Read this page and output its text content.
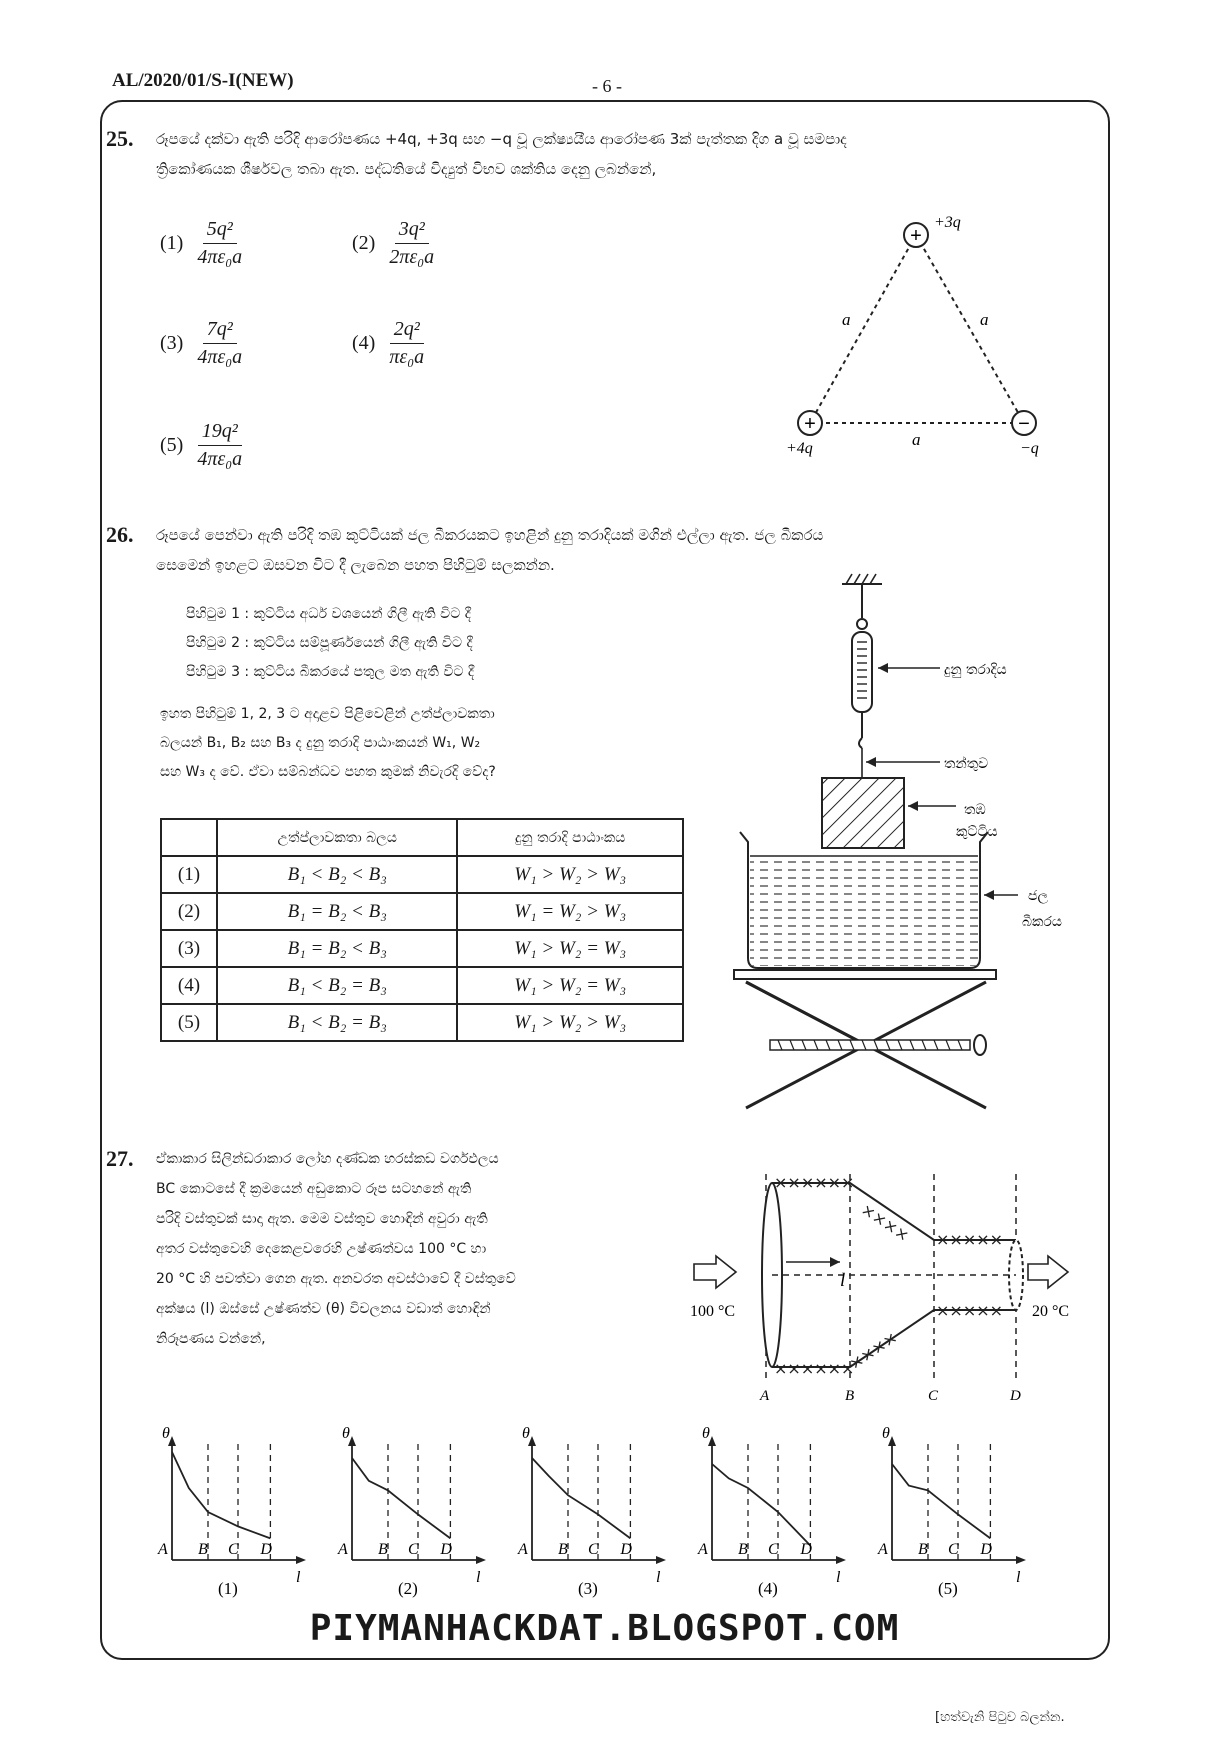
AL/2020/01/S-I(NEW)	- 6 -
25. රූපයේ දක්වා ඇති පරිදි ආරෝපණය +4q, +3q සහ −q වූ ලක්ෂ්‍යයීය ආරෝපණ 3ක් පැත්තක දිග a වූ සමපාද
ත්‍රිකෝණයක ශීර්ෂවල තබා ඇත. පද්ධතියේ විද්‍යුත් විභව ශක්තිය දෙනු ලබන්නේ,
$(1) \frac{\text{5q²}}{\text{4πε₀a}}$	$(2) \frac{\text{3q²}}{\text{2πε₀a}}$
$(3) \frac{\text{7q²}}{\text{4πε₀a}}$	$(4) \frac{\text{2q²}}{\text{πε₀a}}$
$(5) \frac{\text{19q²}}{\text{4πε₀a}}$
+
+	−
+3q
+4q	−q
a	a
a
26. රූපයේ පෙන්වා ඇති පරිදි තඹ කුට්ටියක් ජල බීකරයකට ඉහළින් දුනු තරාදියක් මගින් එල්ලා ඇත. ජල බීකරය
සෙමෙන් ඉහළට ඔසවන විට දී ලැබෙන පහත පිහිටුම් සලකන්න.
පිහිටුම 1 : කුට්ටිය අර්ධ වශයෙන් ගිලී ඇති විට දී
පිහිටුම 2 : කුට්ටිය සම්පූර්ණයෙන් ගිලී ඇති විට දී
පිහිටුම 3 : කුට්ටිය බීකරයේ පතුල මත ඇති විට දී
ඉහත පිහිටුම් 1, 2, 3 ට අදාළව පිළිවෙළින් උත්ප්ලාවකතා
බලයන් B₁, B₂ සහ B₃ ද දුනු තරාදි පාඨාංකයන් W₁, W₂
සහ W₃ ද වේ. ඒවා සම්බන්ධව පහත කුමක් නිවැරදි වේද?
	උත්ප්ලාවකතා බලය	දුනු තරාදි පාඨාංකය
(1)	B₁ < B₂ < B₃	W₁ > W₂ > W₃
(2)	B₁ = B₂ < B₃	W₁ = W₂ > W₃
(3)	B₁ = B₂ < B₃	W₁ > W₂ = W₃
(4)	B₁ < B₂ = B₃	W₁ > W₂ = W₃
(5)	B₁ < B₂ = B₃	W₁ > W₂ > W₃
දුනු තරාදිය
තන්තුව
තඹ
කුට්ටිය
ජල
බීකරය
27. ඒකාකාර සිලින්ඩරාකාර ලෝහ දණ්ඩක හරස්කඩ වර්ගඵලය
BC කොටසේ දී ක්‍රමයෙන් අඩුකොට රූප සටහනේ ඇති
පරිදි වස්තුවක් සාදා ඇත. මෙම වස්තුව හොඳින් අවුරා ඇති
අතර වස්තුවෙහි දෙකෙළවරෙහි උෂ්ණත්වය 100 °C හා
20 °C හි පවත්වා ගෙන ඇත. අනවරත අවස්ථාවේ දී වස්තුවේ
අක්ෂය (l) ඔස්සේ උෂ්ණත්ව (θ) විචලනය වඩාත් හොඳින්
නිරූපණය වන්නේ,
l
××××××
×××× ×××××
××××××
××××
×××××
100 °C	20 °C
A	B	C	D
θ
l
A B C D
(1)
θ
l
A B C D
(2)
θ
l
A B C D
(3)
θ
l
A B C D
(4)
θ
l
A B C D
(5)
PIYMANHACKDAT.BLOGSPOT.COM
[හත්වැනි පිටුව බලන්න.
